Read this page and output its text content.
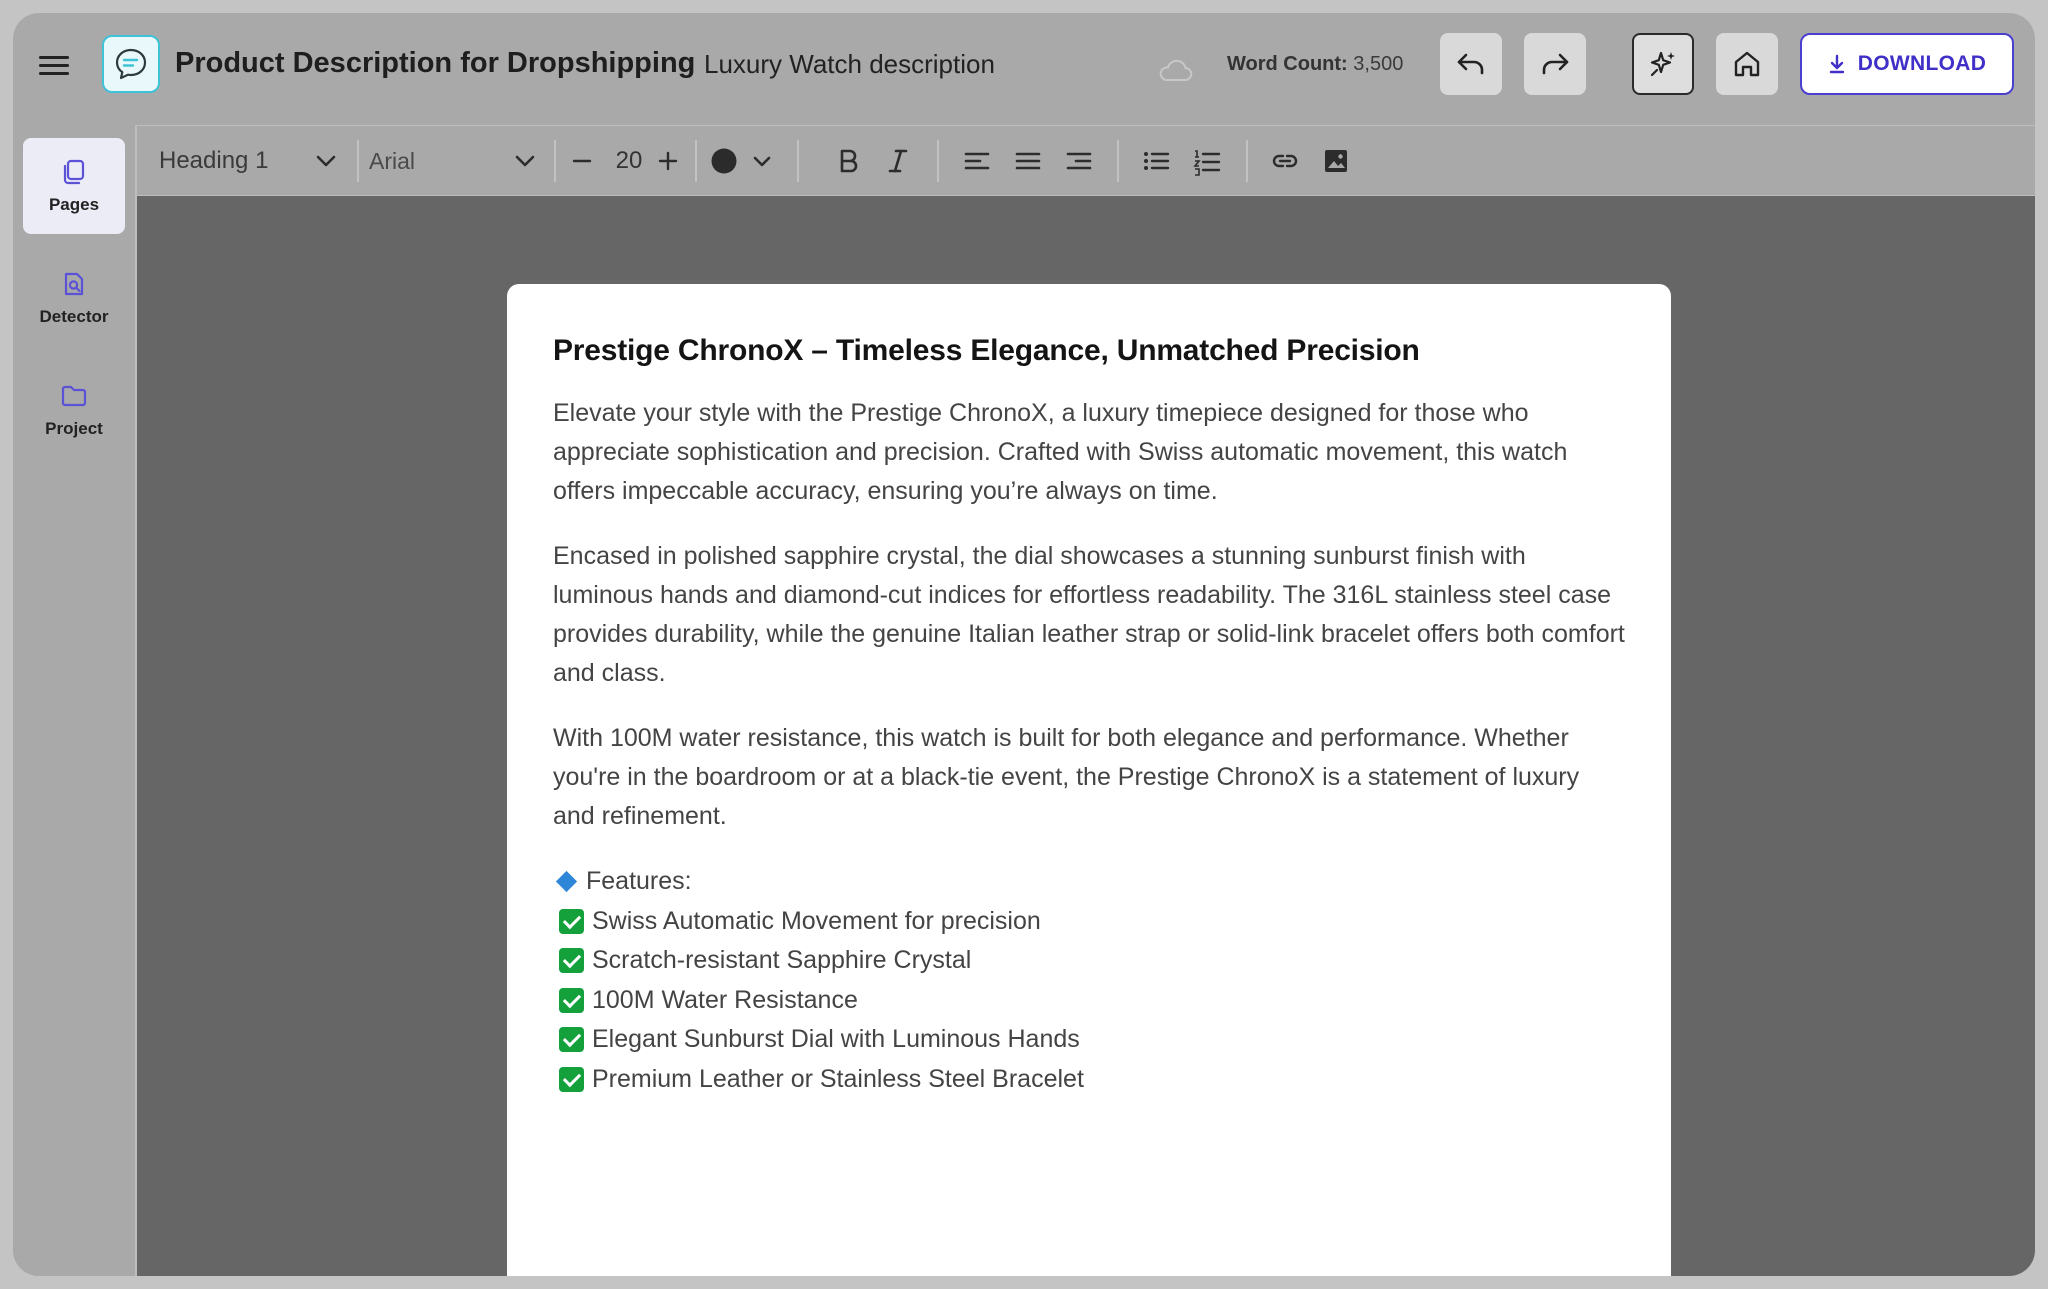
Product Description for Dropshipping Luxury Watch description	Word Count: 3,500	DOWNLOAD
Pages
Detector
Project
Heading 1	Arial	20
Prestige ChronoX – Timeless Elegance, Unmatched Precision

Elevate your style with the Prestige ChronoX, a luxury timepiece designed for those who appreciate sophistication and precision. Crafted with Swiss automatic movement, this watch offers impeccable accuracy, ensuring you’re always on time.

Encased in polished sapphire crystal, the dial showcases a stunning sunburst finish with luminous hands and diamond-cut indices for effortless readability. The 316L stainless steel case provides durability, while the genuine Italian leather strap or solid-link bracelet offers both comfort and class.

With 100M water resistance, this watch is built for both elegance and performance. Whether you're in the boardroom or at a black-tie event, the Prestige ChronoX is a statement of luxury and refinement.

Features:
Swiss Automatic Movement for precision
Scratch-resistant Sapphire Crystal
100M Water Resistance
Elegant Sunburst Dial with Luminous Hands
Premium Leather or Stainless Steel Bracelet
